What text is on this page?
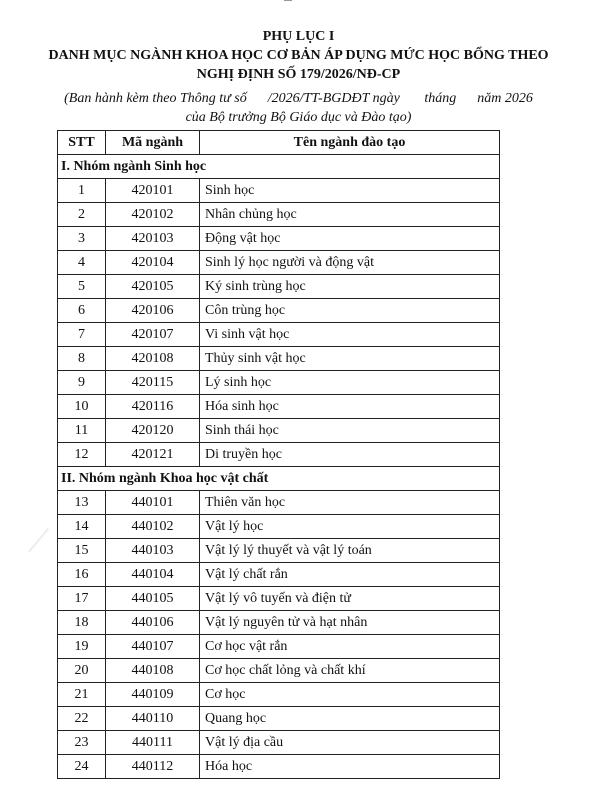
PHỤ LỤC I
DANH MỤC NGÀNH KHOA HỌC CƠ BẢN ÁP DỤNG MỨC HỌC BỔNG THEO
NGHỊ ĐỊNH SỐ 179/2026/NĐ-CP
(Ban hành kèm theo Thông tư số      /2026/TT-BGDĐT ngày       tháng      năm 2026
của Bộ trưởng Bộ Giáo dục và Đào tạo)
STT	Mã ngành	Tên ngành đào tạo
I. Nhóm ngành Sinh học		
1	420101	Sinh học
2	420102	Nhân chủng học
3	420103	Động vật học
4	420104	Sinh lý học người và động vật
5	420105	Ký sinh trùng học
6	420106	Côn trùng học
7	420107	Vi sinh vật học
8	420108	Thủy sinh vật học
9	420115	Lý sinh học
10	420116	Hóa sinh học
11	420120	Sinh thái học
12	420121	Di truyền học
II. Nhóm ngành Khoa học vật chất		
13	440101	Thiên văn học
14	440102	Vật lý học
15	440103	Vật lý lý thuyết và vật lý toán
16	440104	Vật lý chất rắn
17	440105	Vật lý vô tuyến và điện tử
18	440106	Vật lý nguyên tử và hạt nhân
19	440107	Cơ học vật rắn
20	440108	Cơ học chất lỏng và chất khí
21	440109	Cơ học
22	440110	Quang học
23	440111	Vật lý địa cầu
24	440112	Hóa học
